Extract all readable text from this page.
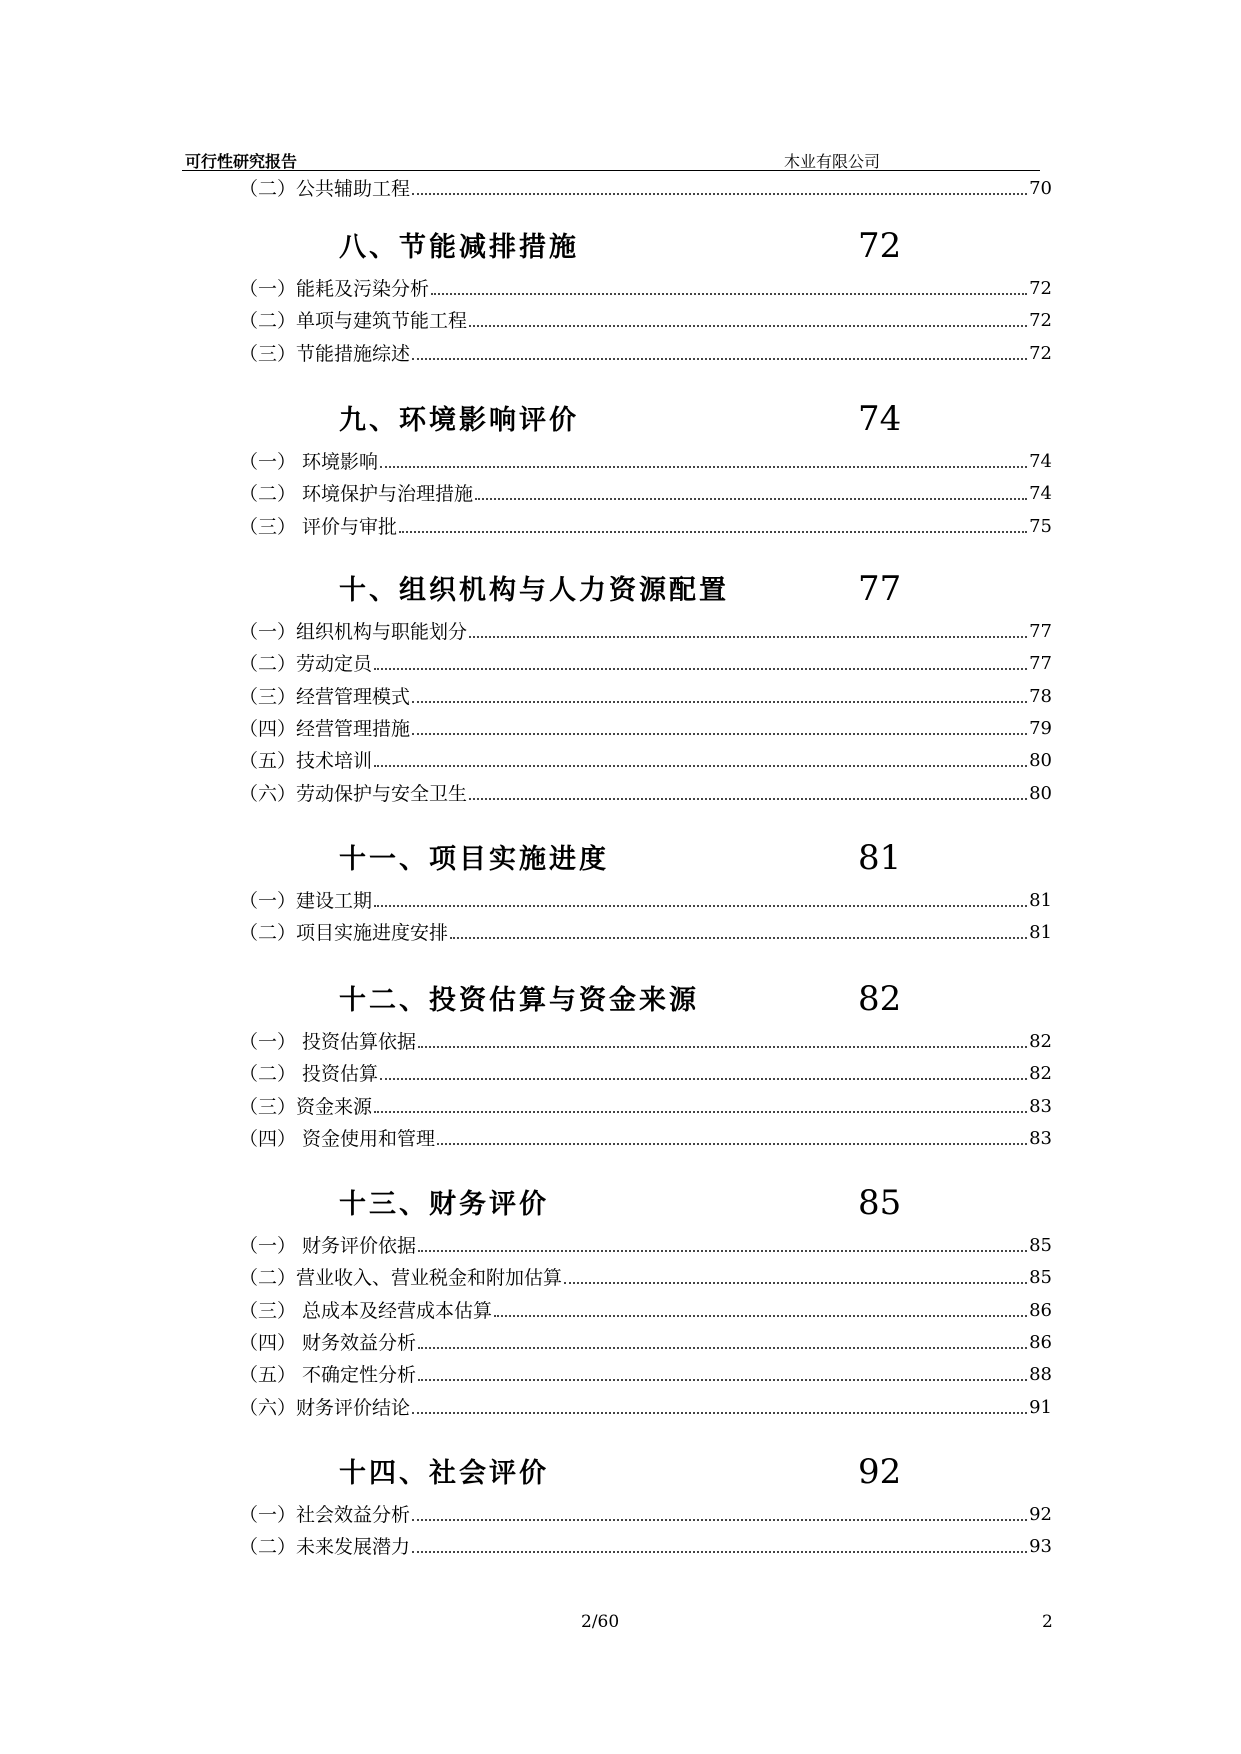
可行性研究报告	木业有限公司
（二） 公共辅助工程	70
八、节能减排措施	72
（一） 能耗及污染分析	72
（二） 单项与建筑节能工程	72
（三） 节能措施综述	72
九、环境影响评价	74
（一） 环境影响	74
（二） 环境保护与治理措施	74
（三） 评价与审批	75
十、组织机构与人力资源配置	77
（一） 组织机构与职能划分	77
（二） 劳动定员	77
（三） 经营管理模式	78
（四） 经营管理措施	79
（五） 技术培训	80
（六） 劳动保护与安全卫生	80
十一、项目实施进度	81
（一） 建设工期	81
（二） 项目实施进度安排	81
十二、投资估算与资金来源	82
（一） 投资估算依据	82
（二） 投资估算	82
（三） 资金来源	83
（四） 资金使用和管理	83
十三、财务评价	85
（一） 财务评价依据	85
（二） 营业收入、营业税金和附加估算	85
（三） 总成本及经营成本估算	86
（四） 财务效益分析	86
（五） 不确定性分析	88
（六） 财务评价结论	91
十四、社会评价	92
（一） 社会效益分析	92
（二） 未来发展潜力	93
2/60	2
